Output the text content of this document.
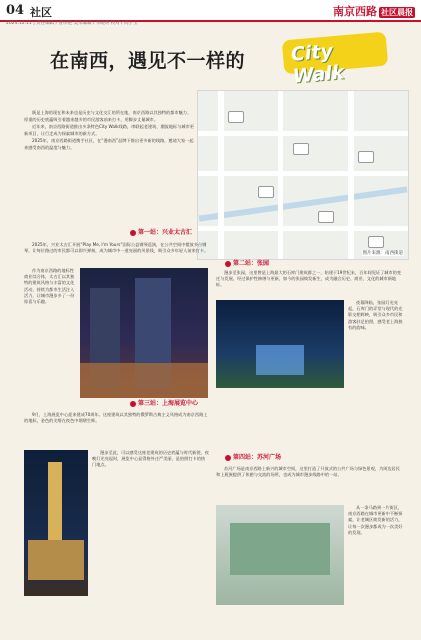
04 社区	南京西路 社区晨报
2024.12.11 | 责任编辑 / 曹伟艳 美术编辑 / 李晓明 校对 / 高子玉
在南西，遇见不一样的 City Walk

既是上海的现在和未来也是历史与文化交汇的所在地，南京西路以其独特的都市魅力、厚重的历史底蕴吸引着越来越多的市民游客前来打卡，用脚步丈量城市。

近年来，南京西路街道推出多条特色City Walk线路，串联起老建筑、潮流地标与城市更新项目，让行走成为探索城市的新方式。

2025年，南京西路街道携手社区，在“漫南西”品牌下推出更多新的线路，邀请大家一起来感受南西的温度与魅力。

图片来源：南西街道
第一站：兴业太古汇

2025年，兴业太古汇开展“Play Me, I'm Yours”国际公益钢琴巡演，在公共空间中摆放多台钢琴，让每位路过的市民都可以即兴弹奏，成为城市中一道亮丽的风景线，吸引众多年轻人前来打卡。

作为南京西路的地标性商业综合体，太古汇以其独特的建筑风格与丰富的文化活动，持续为都市生活注入活力，让城市漫步多了一份惊喜与乐趣。

第二站：张园

漫步至张园，这里曾是上海最大的石库门建筑群之一，始建于19世纪末，百年间见证了城市的变迁与发展。经过保护性修缮与更新，如今的张园焕发新生，成为融合历史、商业、文化的城市新地标。

夜幕降临，张园灯光亮起，石库门的弄堂与现代的光影交相辉映，吸引众多市民和游客驻足拍照，感受老上海独有的韵味。

第三站：上海展览中心

9月，上海展览中心迎来建成70周年。这座建筑以其独特的俄罗斯古典主义风格成为南京西路上的地标，金色的尖塔在夜色中熠熠生辉。

漫步至此，可以感受这座老建筑的历史底蕴与时代新貌，夜晚灯光亮起时，展览中心显得格外庄严美丽，是拍照打卡的热门地点。

第四站：苏河广场

苏河广场是南京西路上新兴的城市空间，这里打造了开放式的公共广场与绿色景观，为周边居民和上班族提供了休憩与交流的场所，也成为城市漫步线路中的一站。

从一条马路到一片街区，南京西路在城市更新中不断探索，让老城区焕发新的活力，让每一次漫步都成为一次美好的发现。
